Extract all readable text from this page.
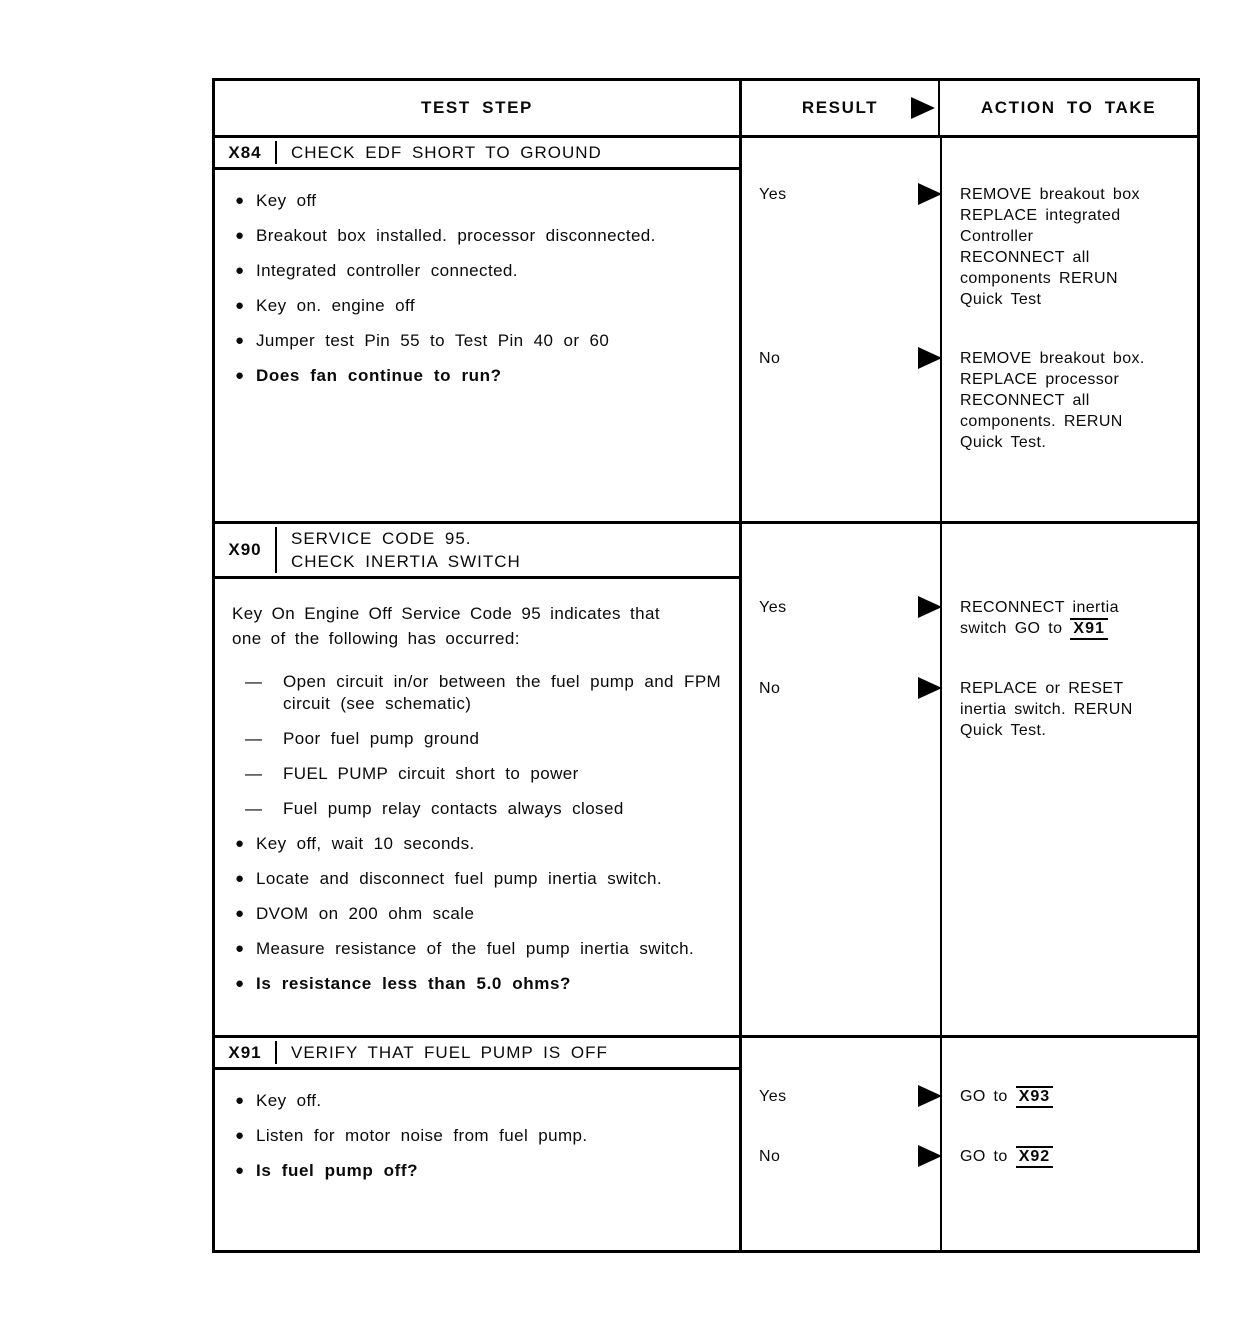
TEST STEP	RESULT	ACTION TO TAKE
X84	CHECK EDF SHORT TO GROUND
● Key off
● Breakout box installed. processor disconnected.
● Integrated controller connected.
● Key on. engine off
● Jumper test Pin 55 to Test Pin 40 or 60
● Does fan continue to run?
Yes	REMOVE breakout box
REPLACE integrated
Controller
RECONNECT all
components RERUN
Quick Test
No	REMOVE breakout box.
REPLACE processor
RECONNECT all
components. RERUN
Quick Test.
X90
SERVICE CODE 95.
CHECK INERTIA SWITCH
Key On Engine Off Service Code 95 indicates that
one of the following has occurred:
— Open circuit in/or between the fuel pump and FPM circuit (see schematic)
— Poor fuel pump ground
— FUEL PUMP circuit short to power
— Fuel pump relay contacts always closed
● Key off, wait 10 seconds.
● Locate and disconnect fuel pump inertia switch.
● DVOM on 200 ohm scale
● Measure resistance of the fuel pump inertia switch.
● Is resistance less than 5.0 ohms?
Yes	RECONNECT inertia
switch GO to X91
No	REPLACE or RESET
inertia switch. RERUN
Quick Test.
X91	VERIFY THAT FUEL PUMP IS OFF
● Key off.
● Listen for motor noise from fuel pump.
● Is fuel pump off?
Yes	GO to X93
No	GO to X92
